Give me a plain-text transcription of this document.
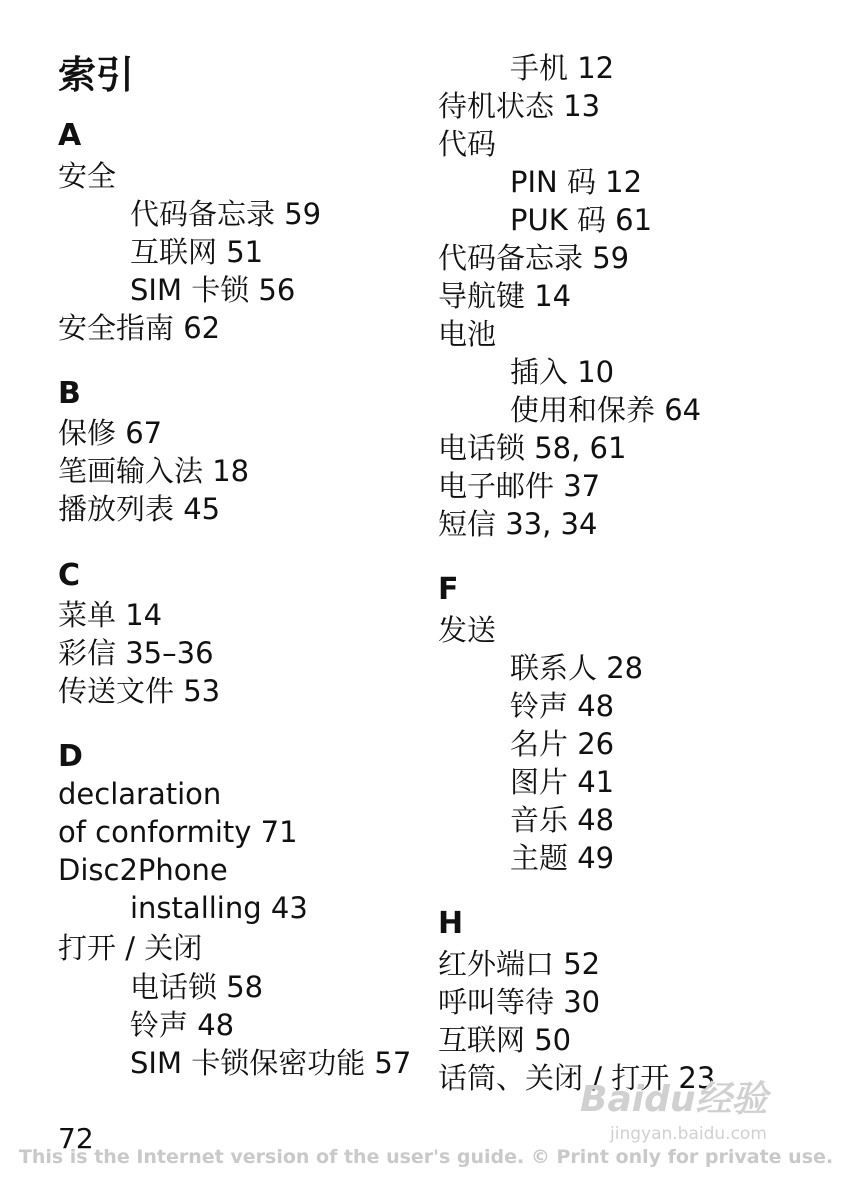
索引
A
安全
代码备忘录 59
互联网 51
SIM 卡锁 56
安全指南 62
B
保修 67
笔画输入法 18
播放列表 45
C
菜单 14
彩信 35–36
传送文件 53
D
declaration
of conformity 71
Disc2Phone
installing 43
打开 / 关闭
电话锁 58
铃声 48
SIM 卡锁保密功能 57
手机 12
待机状态 13
代码
PIN 码 12
PUK 码 61
代码备忘录 59
导航键 14
电池
插入 10
使用和保养 64
电话锁 58, 61
电子邮件 37
短信 33, 34
F
发送
联系人 28
铃声 48
名片 26
图片 41
音乐 48
主题 49
H
红外端口 52
呼叫等待 30
互联网 50
话筒、关闭 / 打开 23
Baidu经验
jingyan.baidu.com
72
This is the Internet version of the user's guide. © Print only for private use.
